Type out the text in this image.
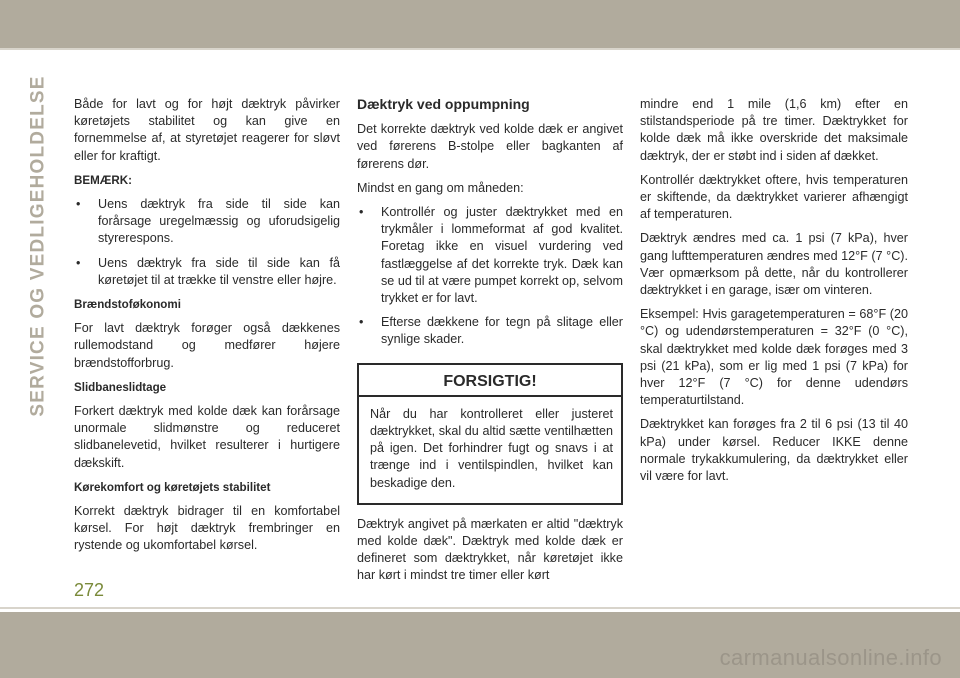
SERVICE OG VEDLIGEHOLDELSE Både for lavt og for højt dæktryk påvirker køretøjets stabilitet og kan give en fornemmelse af, at styretøjet reagerer for sløvt eller for kraftigt.

BEMÆRK:
• Uens dæktryk fra side til side kan forårsage uregelmæssig og uforudsigelig styrerespons.
• Uens dæktryk fra side til side kan få køretøjet til at trække til venstre eller højre.
Brændstoføkonomi

For lavt dæktryk forøger også dækkenes rullemodstand og medfører højere brændstofforbrug.

Slidbaneslidtage

Forkert dæktryk med kolde dæk kan forårsage unormale slidmønstre og reduceret slidbanelevetid, hvilket resulterer i hurtigere dækskift.

Kørekomfort og køretøjets stabilitet

Korrekt dæktryk bidrager til en komfortabel kørsel. For højt dæktryk frembringer en rystende og ukomfortabel kørsel.

Dæktryk ved oppumpning

Det korrekte dæktryk ved kolde dæk er angivet ved førerens B-stolpe eller bagkanten af førerens dør.

Mindst en gang om måneden:

• Kontrollér og juster dæktrykket med en trykmåler i lommeformat af god kvalitet. Foretag ikke en visuel vurdering ved fastlæggelse af det korrekte tryk. Dæk kan se ud til at være pumpet korrekt op, selvom trykket er for lavt.
• Efterse dækkene for tegn på slitage eller synlige skader.
FORSIGTIG!
Når du har kontrolleret eller justeret dæktrykket, skal du altid sætte ventilhætten på igen. Det forhindrer fugt og snavs i at trænge ind i ventilspindlen, hvilket kan beskadige den.

Dæktryk angivet på mærkaten er altid "dæktryk med kolde dæk". Dæktryk med kolde dæk er defineret som dæktrykket, når køretøjet ikke har kørt i mindst tre timer eller kørt

mindre end 1 mile (1,6 km) efter en stilstandsperiode på tre timer. Dæktrykket for kolde dæk må ikke overskride det maksimale dæktryk, der er støbt ind i siden af dækket.

Kontrollér dæktrykket oftere, hvis temperaturen er skiftende, da dæktrykket varierer afhængigt af temperaturen.

Dæktryk ændres med ca. 1 psi (7 kPa), hver gang lufttemperaturen ændres med 12°F (7 °C). Vær opmærksom på dette, når du kontrollerer dæktrykket i en garage, især om vinteren.

Eksempel: Hvis garagetemperaturen = 68°F (20 °C) og udendørstemperaturen = 32°F (0 °C), skal dæktrykket med kolde dæk forøges med 3 psi (21 kPa), som er lig med 1 psi (7 kPa) for hver 12°F (7 °C) for denne udendørs temperaturtilstand.

Dæktrykket kan forøges fra 2 til 6 psi (13 til 40 kPa) under kørsel. Reducer IKKE denne normale trykakkumulering, da dæktrykket eller vil være for lavt.

272
carmanualsonline.info
